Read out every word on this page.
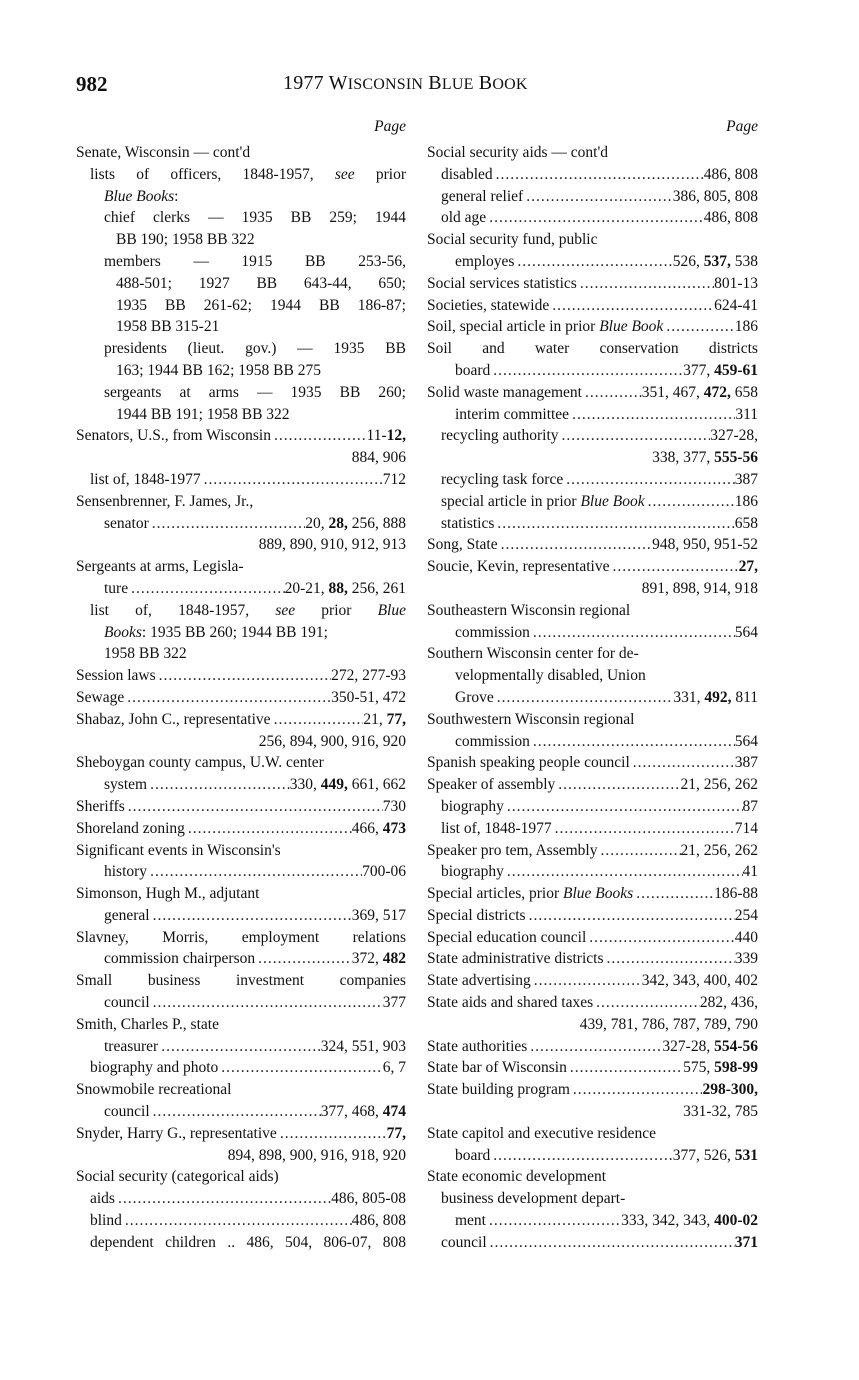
982	1977 WISCONSIN BLUE BOOK
Page
Senate, Wisconsin — cont'd
lists of officers, 1848-1957, see prior
Blue Books:
chief clerks — 1935 BB 259; 1944
BB 190; 1958 BB 322
members — 1915 BB 253-56,
488-501; 1927 BB 643-44, 650;
1935 BB 261-62; 1944 BB 186-87;
1958 BB 315-21
presidents (lieut. gov.) — 1935 BB
163; 1944 BB 162; 1958 BB 275
sergeants at arms — 1935 BB 260;
1944 BB 191; 1958 BB 322
Senators, U.S., from Wisconsin .....	11-12,
884, 906
list of, 1848-1977 .....	712
Sensenbrenner, F. James, Jr.,
senator .....	20, 28, 256, 888
889, 890, 910, 912, 913
Sergeants at arms, Legisla-
ture .....	20-21, 88, 256, 261
list of, 1848-1957, see prior Blue
Books: 1935 BB 260; 1944 BB 191;
1958 BB 322
Session laws .....	272, 277-93
Sewage .....	350-51, 472
Shabaz, John C., representative .....	21, 77,
256, 894, 900, 916, 920
Sheboygan county campus, U.W. center
system .....	330, 449, 661, 662
Sheriffs .....	730
Shoreland zoning .....	466, 473
Significant events in Wisconsin's
history .....	700-06
Simonson, Hugh M., adjutant
general .....	369, 517
Slavney, Morris, employment relations
commission chairperson .....	372, 482
Small business investment companies
council .....	377
Smith, Charles P., state
treasurer .....	324, 551, 903
biography and photo .....	6, 7
Snowmobile recreational
council .....	377, 468, 474
Snyder, Harry G., representative .....	77,
894, 898, 900, 916, 918, 920
Social security (categorical aids)
aids .....	486, 805-08
blind .....	486, 808
dependent children .. 486, 504, 806-07, 808
Page
Social security aids — cont'd
disabled .....	486, 808
general relief .....	386, 805, 808
old age .....	486, 808
Social security fund, public
employes .....	526, 537, 538
Social services statistics .....	801-13
Societies, statewide .....	624-41
Soil, special article in prior Blue Book .....	186
Soil and water conservation districts
board .....	377, 459-61
Solid waste management .....	351, 467, 472, 658
interim committee .....	311
recycling authority .....	327-28,
338, 377, 555-56
recycling task force .....	387
special article in prior Blue Book .....	186
statistics .....	658
Song, State .....	948, 950, 951-52
Soucie, Kevin, representative .....	27,
891, 898, 914, 918
Southeastern Wisconsin regional
commission .....	564
Southern Wisconsin center for de-
velopmentally disabled, Union
Grove .....	331, 492, 811
Southwestern Wisconsin regional
commission .....	564
Spanish speaking people council .....	387
Speaker of assembly .....	21, 256, 262
biography .....	87
list of, 1848-1977 .....	714
Speaker pro tem, Assembly .....	21, 256, 262
biography .....	41
Special articles, prior Blue Books .....	186-88
Special districts .....	254
Special education council .....	440
State administrative districts .....	339
State advertising .....	342, 343, 400, 402
State aids and shared taxes .....	282, 436,
439, 781, 786, 787, 789, 790
State authorities .....	327-28, 554-56
State bar of Wisconsin .....	575, 598-99
State building program .....	298-300,
331-32, 785
State capitol and executive residence
board .....	377, 526, 531
State economic development
business development depart-
ment .....	333, 342, 343, 400-02
council .....	371
